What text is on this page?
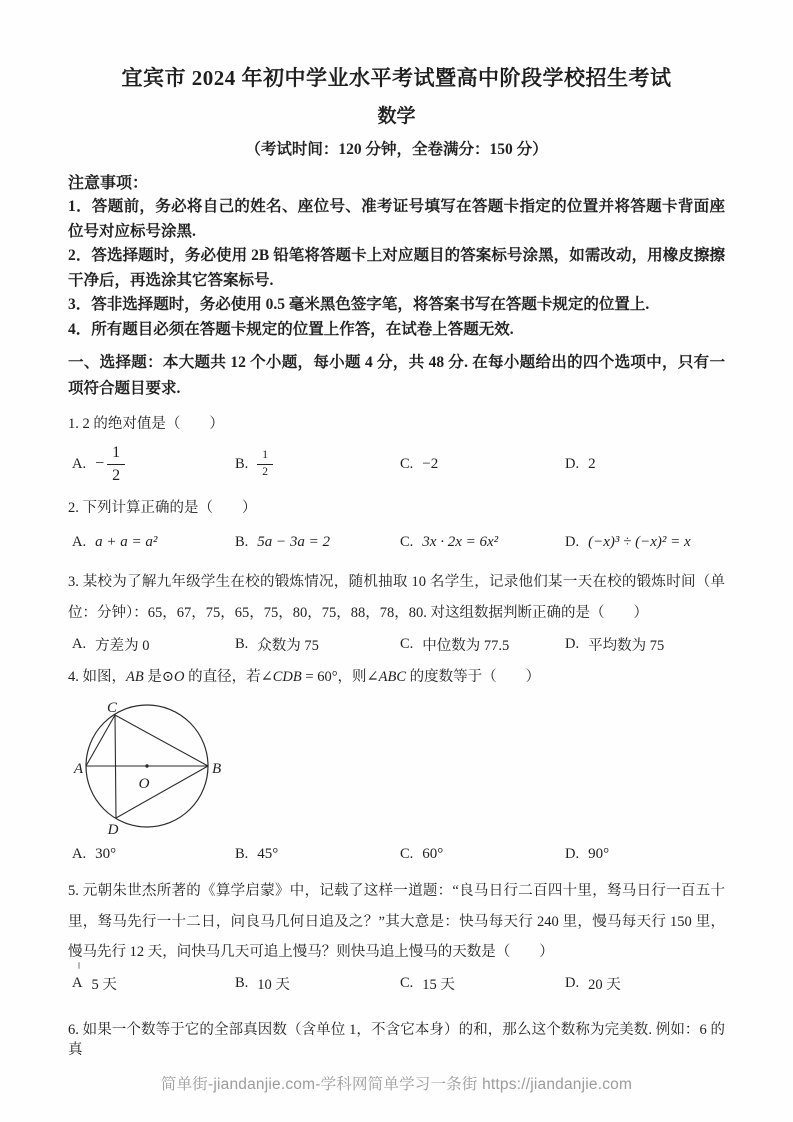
宜宾市 2024 年初中学业水平考试暨高中阶段学校招生考试
数学
（考试时间：120 分钟，全卷满分：150 分）
注意事项：

1．答题前，务必将自己的姓名、座位号、准考证号填写在答题卡指定的位置并将答题卡背面座位号对应标号涂黑.

2．答选择题时，务必使用 2B 铅笔将答题卡上对应题目的答案标号涂黑，如需改动，用橡皮擦擦干净后，再选涂其它答案标号.

3．答非选择题时，务必使用 0.5 毫米黑色签字笔，将答案书写在答题卡规定的位置上.

4．所有题目必须在答题卡规定的位置上作答，在试卷上答题无效.

一、选择题：本大题共 12 个小题，每小题 4 分，共 48 分. 在每小题给出的四个选项中，只有一项符合题目要求.

1. 2 的绝对值是（　　）

A. − $\frac{1}{2}$	B. $\frac{1}{2}$	C. −2	D. 2

2. 下列计算正确的是（　　）

A. a + a = a²	B. 5a − 3a = 2	C. 3x · 2x = 6x²	D. (−x)³ ÷ (−x)² = x

3. 某校为了解九年级学生在校的锻炼情况，随机抽取 10 名学生，记录他们某一天在校的锻炼时间（单位：分钟）：65，67，75，65，75，80，75，88，78，80. 对这组数据判断正确的是（　　）

A. 方差为 0	B. 众数为 75	C. 中位数为 77.5	D. 平均数为 75

4. 如图，AB 是⊙O 的直径，若∠CDB = 60°，则∠ABC 的度数等于（　　）

A	B
C
D
O
A. 30°	B. 45°	C. 60°	D. 90°

5. 元朝朱世杰所著的《算学启蒙》中，记载了这样一道题：“良马日行二百四十里，驽马日行一百五十里，驽马先行一十二日，问良马几何日追及之？”其大意是：快马每天行 240 里，慢马每天行 150 里，慢马先行 12 天，问快马几天可追上慢马？则快马追上慢马的天数是（　　）

A 5 天	B. 10 天	C. 15 天	D. 20 天

6. 如果一个数等于它的全部真因数（含单位 1，不含它本身）的和，那么这个数称为完美数. 例如：6 的真

简单街-jiandanjie.com-学科网简单学习一条街 https://jiandanjie.com
